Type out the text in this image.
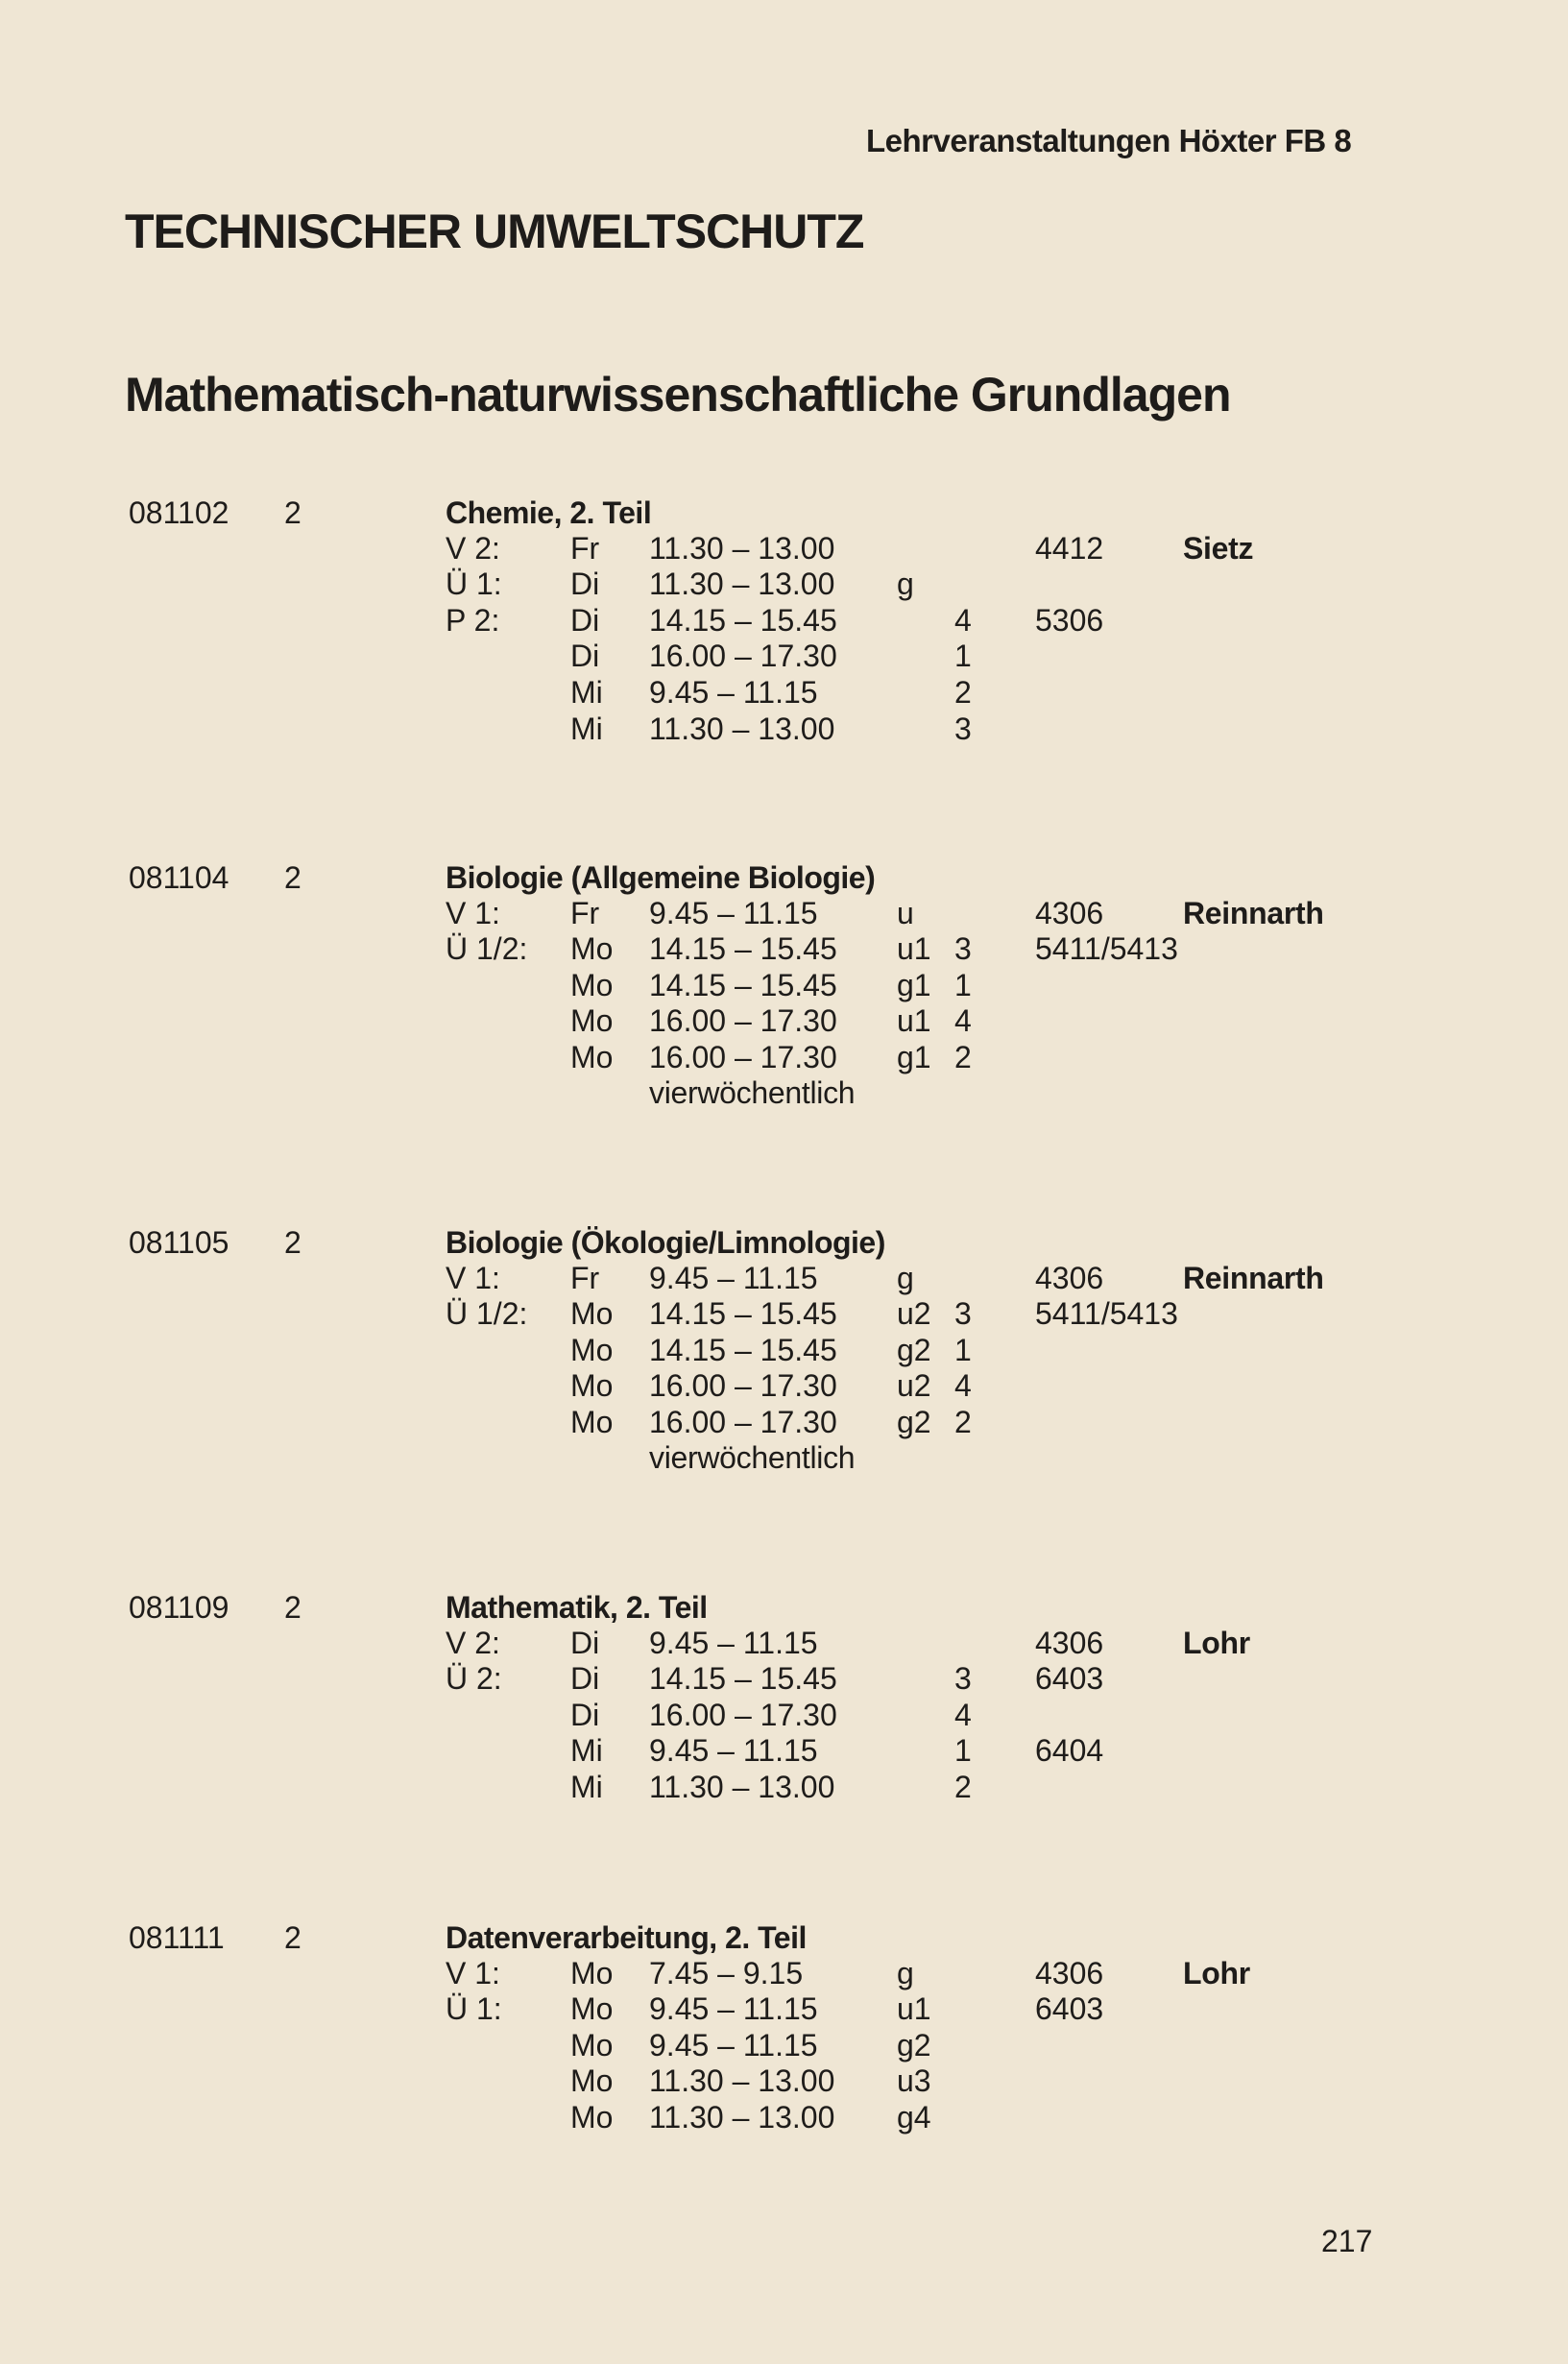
Lehrveranstaltungen Höxter FB 8
TECHNISCHER UMWELTSCHUTZ
Mathematisch-naturwissenschaftliche Grundlagen
081102 2	Chemie, 2. Teil
V 2: Fr 11.30 – 13.00	4412	Sietz
Ü 1: Di 11.30 – 13.00 g
P 2: Di 14.15 – 15.45	4 5306
Di 16.00 – 17.30	1
Mi 9.45 – 11.15	2
Mi 11.30 – 13.00	3
081104 2	Biologie (Allgemeine Biologie)
V 1: Fr 9.45 – 11.15	u	4306	Reinnarth
Ü 1/2: Mo 14.15 – 15.45 u1 3 5411/5413
Mo 14.15 – 15.45 g1 1
Mo 16.00 – 17.30 u1 4
Mo 16.00 – 17.30 g1 2
vierwöchentlich
081105 2	Biologie (Ökologie/Limnologie)
V 1: Fr 9.45 – 11.15	g	4306	Reinnarth
Ü 1/2: Mo 14.15 – 15.45 u2 3 5411/5413
Mo 14.15 – 15.45 g2 1
Mo 16.00 – 17.30 u2 4
Mo 16.00 – 17.30 g2 2
vierwöchentlich
081109 2	Mathematik, 2. Teil
V 2: Di 9.45 – 11.15	4306	Lohr
Ü 2: Di 14.15 – 15.45	3 6403
Di 16.00 – 17.30	4
Mi 9.45 – 11.15	1 6404
Mi 11.30 – 13.00	2
081111 2	Datenverarbeitung, 2. Teil
V 1: Mo 7.45 – 9.15	g	4306	Lohr
Ü 1: Mo 9.45 – 11.15	u1	6403
Mo 9.45 – 11.15	g2
Mo 11.30 – 13.00 u3
Mo 11.30 – 13.00 g4
217
